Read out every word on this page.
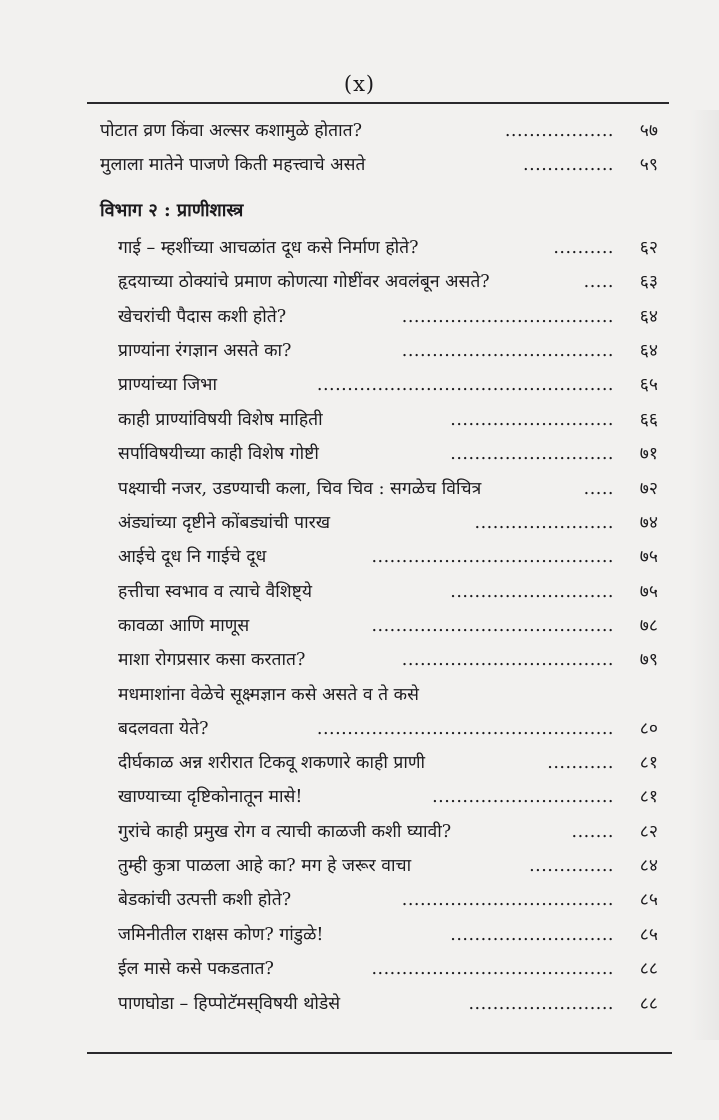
(x)
पोटात व्रण किंवा अल्सर कशामुळे होतात?	.................. ५७
मुलाला मातेने पाजणे किती महत्त्वाचे असते	............... ५९
विभाग २ : प्राणीशास्त्र
गाई – म्हशींच्या आचळांत दूध कसे निर्माण होते?	.......... ६२
हृदयाच्या ठोक्यांचे प्रमाण कोणत्या गोष्टींवर अवलंबून असते?	..... ६३
खेचरांची पैदास कशी होते?	................................... ६४
प्राण्यांना रंगज्ञान असते का?	................................... ६४
प्राण्यांच्या जिभा	................................................. ६५
काही प्राण्यांविषयी विशेष माहिती	........................... ६६
सर्पाविषयीच्या काही विशेष गोष्टी	........................... ७१
पक्ष्याची नजर, उडण्याची कला, चिव चिव : सगळेच विचित्र	..... ७२
अंड्यांच्या दृष्टीने कोंबड्यांची पारख	....................... ७४
आईचे दूध नि गाईचे दूध	........................................ ७५
हत्तीचा स्वभाव व त्याचे वैशिष्ट्ये	........................... ७५
कावळा आणि माणूस	........................................ ७८
माशा रोगप्रसार कसा करतात?	................................... ७९
मधमाशांना वेळेचे सूक्ष्मज्ञान कसे असते व ते कसे
बदलवता येते?	................................................. ८०
दीर्घकाळ अन्न शरीरात टिकवू शकणारे काही प्राणी	........... ८१
खाण्याच्या दृष्टिकोनातून मासे!	.............................. ८१
गुरांचे काही प्रमुख रोग व त्याची काळजी कशी घ्यावी?	....... ८२
तुम्ही कुत्रा पाळला आहे का? मग हे जरूर वाचा	.............. ८४
बेडकांची उत्पत्ती कशी होते?	................................... ८५
जमिनीतील राक्षस कोण? गांडुळे!	........................... ८५
ईल मासे कसे पकडतात?	........................................ ८८
पाणघोडा – हिप्पोटॅमस्‌विषयी थोडेसे	........................ ८८
